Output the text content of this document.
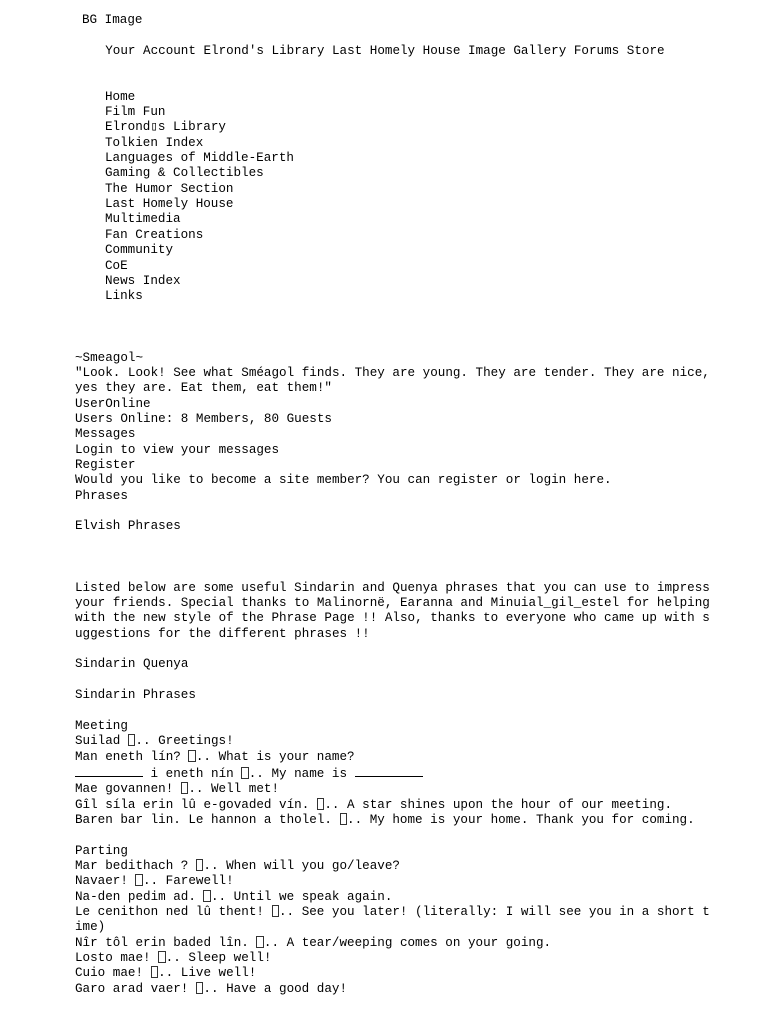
BG Image

Your Account Elrond's Library Last Homely House Image Gallery Forums Store

Home
Film Fun
Elrond▯s Library
Tolkien Index
Languages of Middle-Earth
Gaming & Collectibles
The Humor Section
Last Homely House
Multimedia
Fan Creations
Community
CoE
News Index
Links
~Smeagol~
"Look. Look! See what Sméagol finds. They are young. They are tender. They are nice, yes they are. Eat them, eat them!"
UserOnline
Users Online: 8 Members, 80 Guests
Messages
Login to view your messages
Register
Would you like to become a site member? You can register or login here.
Phrases
Elvish Phrases
Listed below are some useful Sindarin and Quenya phrases that you can use to impress your friends. Special thanks to Malinornë, Earanna and Minuial_gil_estel for helping with the new style of the Phrase Page !! Also, thanks to everyone who came up with suggestions for the different phrases !!
Sindarin Quenya
Sindarin Phrases
Meeting
Suilad .. Greetings!
Man eneth lín? .. What is your name?
i eneth nín .. My name is
Mae govannen! .. Well met!
Gîl síla erin lû e-govaded vín. .. A star shines upon the hour of our meeting.
Baren bar lin. Le hannon a tholel. .. My home is your home. Thank you for coming.
Parting
Mar bedithach ? .. When will you go/leave?
Navaer! .. Farewell!
Na-den pedim ad. .. Until we speak again.
Le cenithon ned lû thent! .. See you later! (literally: I will see you in a short time)
Nîr tôl erin baded lîn. .. A tear/weeping comes on your going.
Losto mae! .. Sleep well!
Cuio mae! .. Live well!
Garo arad vaer! .. Have a good day!
